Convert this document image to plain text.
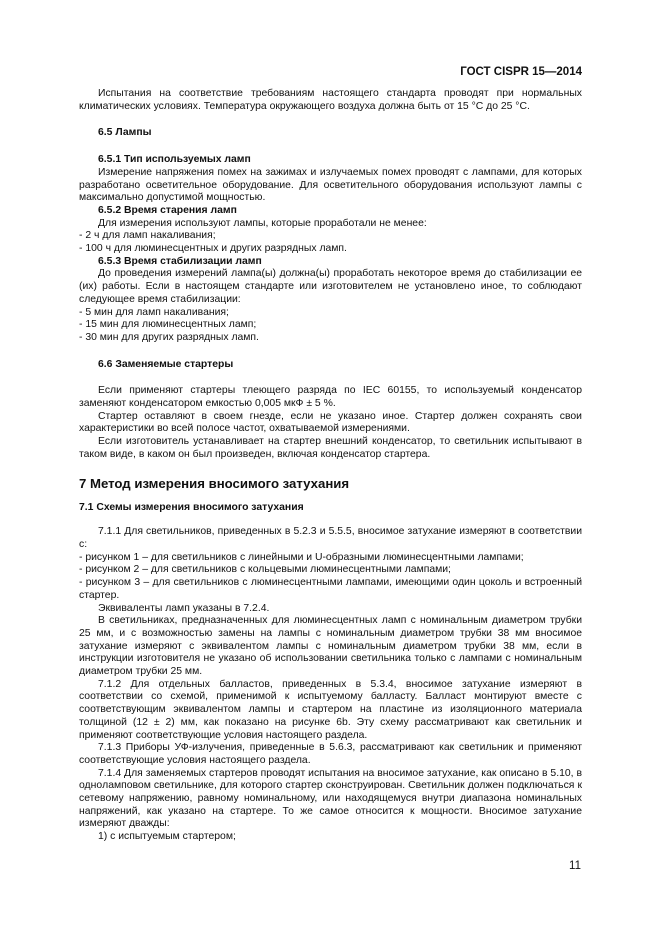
ГОСТ CISPR 15—2014

Испытания на соответствие требованиям настоящего стандарта проводят при нормальных климатических условиях. Температура окружающего воздуха должна быть от 15 °С до 25 °С.

6.5 Лампы

6.5.1 Тип используемых ламп

Измерение напряжения помех на зажимах и излучаемых помех проводят с лампами, для которых разработано осветительное оборудование. Для осветительного оборудования используют лампы с максимально допустимой мощностью.

6.5.2 Время старения ламп

Для измерения используют лампы, которые проработали не менее:

- 2 ч для ламп накаливания;

- 100 ч для люминесцентных и других разрядных ламп.

6.5.3 Время стабилизации ламп

До проведения измерений лампа(ы) должна(ы) проработать некоторое время до стабилизации ее (их) работы. Если в настоящем стандарте или изготовителем не установлено иное, то соблюдают следующее время стабилизации:

- 5 мин для ламп накаливания;

- 15 мин для люминесцентных ламп;

- 30 мин для других разрядных ламп.

6.6 Заменяемые стартеры

Если применяют стартеры тлеющего разряда по IEC 60155, то используемый конденсатор заменяют конденсатором емкостью 0,005 мкФ ± 5 %.

Стартер оставляют в своем гнезде, если не указано иное. Стартер должен сохранять свои характеристики во всей полосе частот, охватываемой измерениями.

Если изготовитель устанавливает на стартер внешний конденсатор, то светильник испытывают в таком виде, в каком он был произведен, включая конденсатор стартера.

7 Метод измерения вносимого затухания

7.1 Схемы измерения вносимого затухания

7.1.1 Для светильников, приведенных в 5.2.3 и 5.5.5, вносимое затухание измеряют в соответствии с:

- рисунком 1 – для светильников с линейными и U-образными люминесцентными лампами;

- рисунком 2 – для светильников с кольцевыми люминесцентными лампами;

- рисунком 3 – для светильников с люминесцентными лампами, имеющими один цоколь и встроенный стартер.

Эквиваленты ламп указаны в 7.2.4.

В светильниках, предназначенных для люминесцентных ламп с номинальным диаметром трубки 25 мм, и с возможностью замены на лампы с номинальным диаметром трубки 38 мм вносимое затухание измеряют с эквивалентом лампы с номинальным диаметром трубки 38 мм, если в инструкции изготовителя не указано об использовании светильника только с лампами с номинальным диаметром трубки 25 мм.

7.1.2 Для отдельных балластов, приведенных в 5.3.4, вносимое затухание измеряют в соответствии со схемой, применимой к испытуемому балласту. Балласт монтируют вместе с соответствующим эквивалентом лампы и стартером на пластине из изоляционного материала толщиной (12 ± 2) мм, как показано на рисунке 6b. Эту схему рассматривают как светильник и применяют соответствующие условия настоящего раздела.

7.1.3 Приборы УФ-излучения, приведенные в 5.6.3, рассматривают как светильник и применяют соответствующие условия настоящего раздела.

7.1.4 Для заменяемых стартеров проводят испытания на вносимое затухание, как описано в 5.10, в однoламповом светильнике, для которого стартер сконструирован. Светильник должен подключаться к сетевому напряжению, равному номинальному, или находящемуся внутри диапазона номинальных напряжений, как указано на стартере. То же самое относится к мощности. Вносимое затухание измеряют дважды:

1) с испытуемым стартером;

11
